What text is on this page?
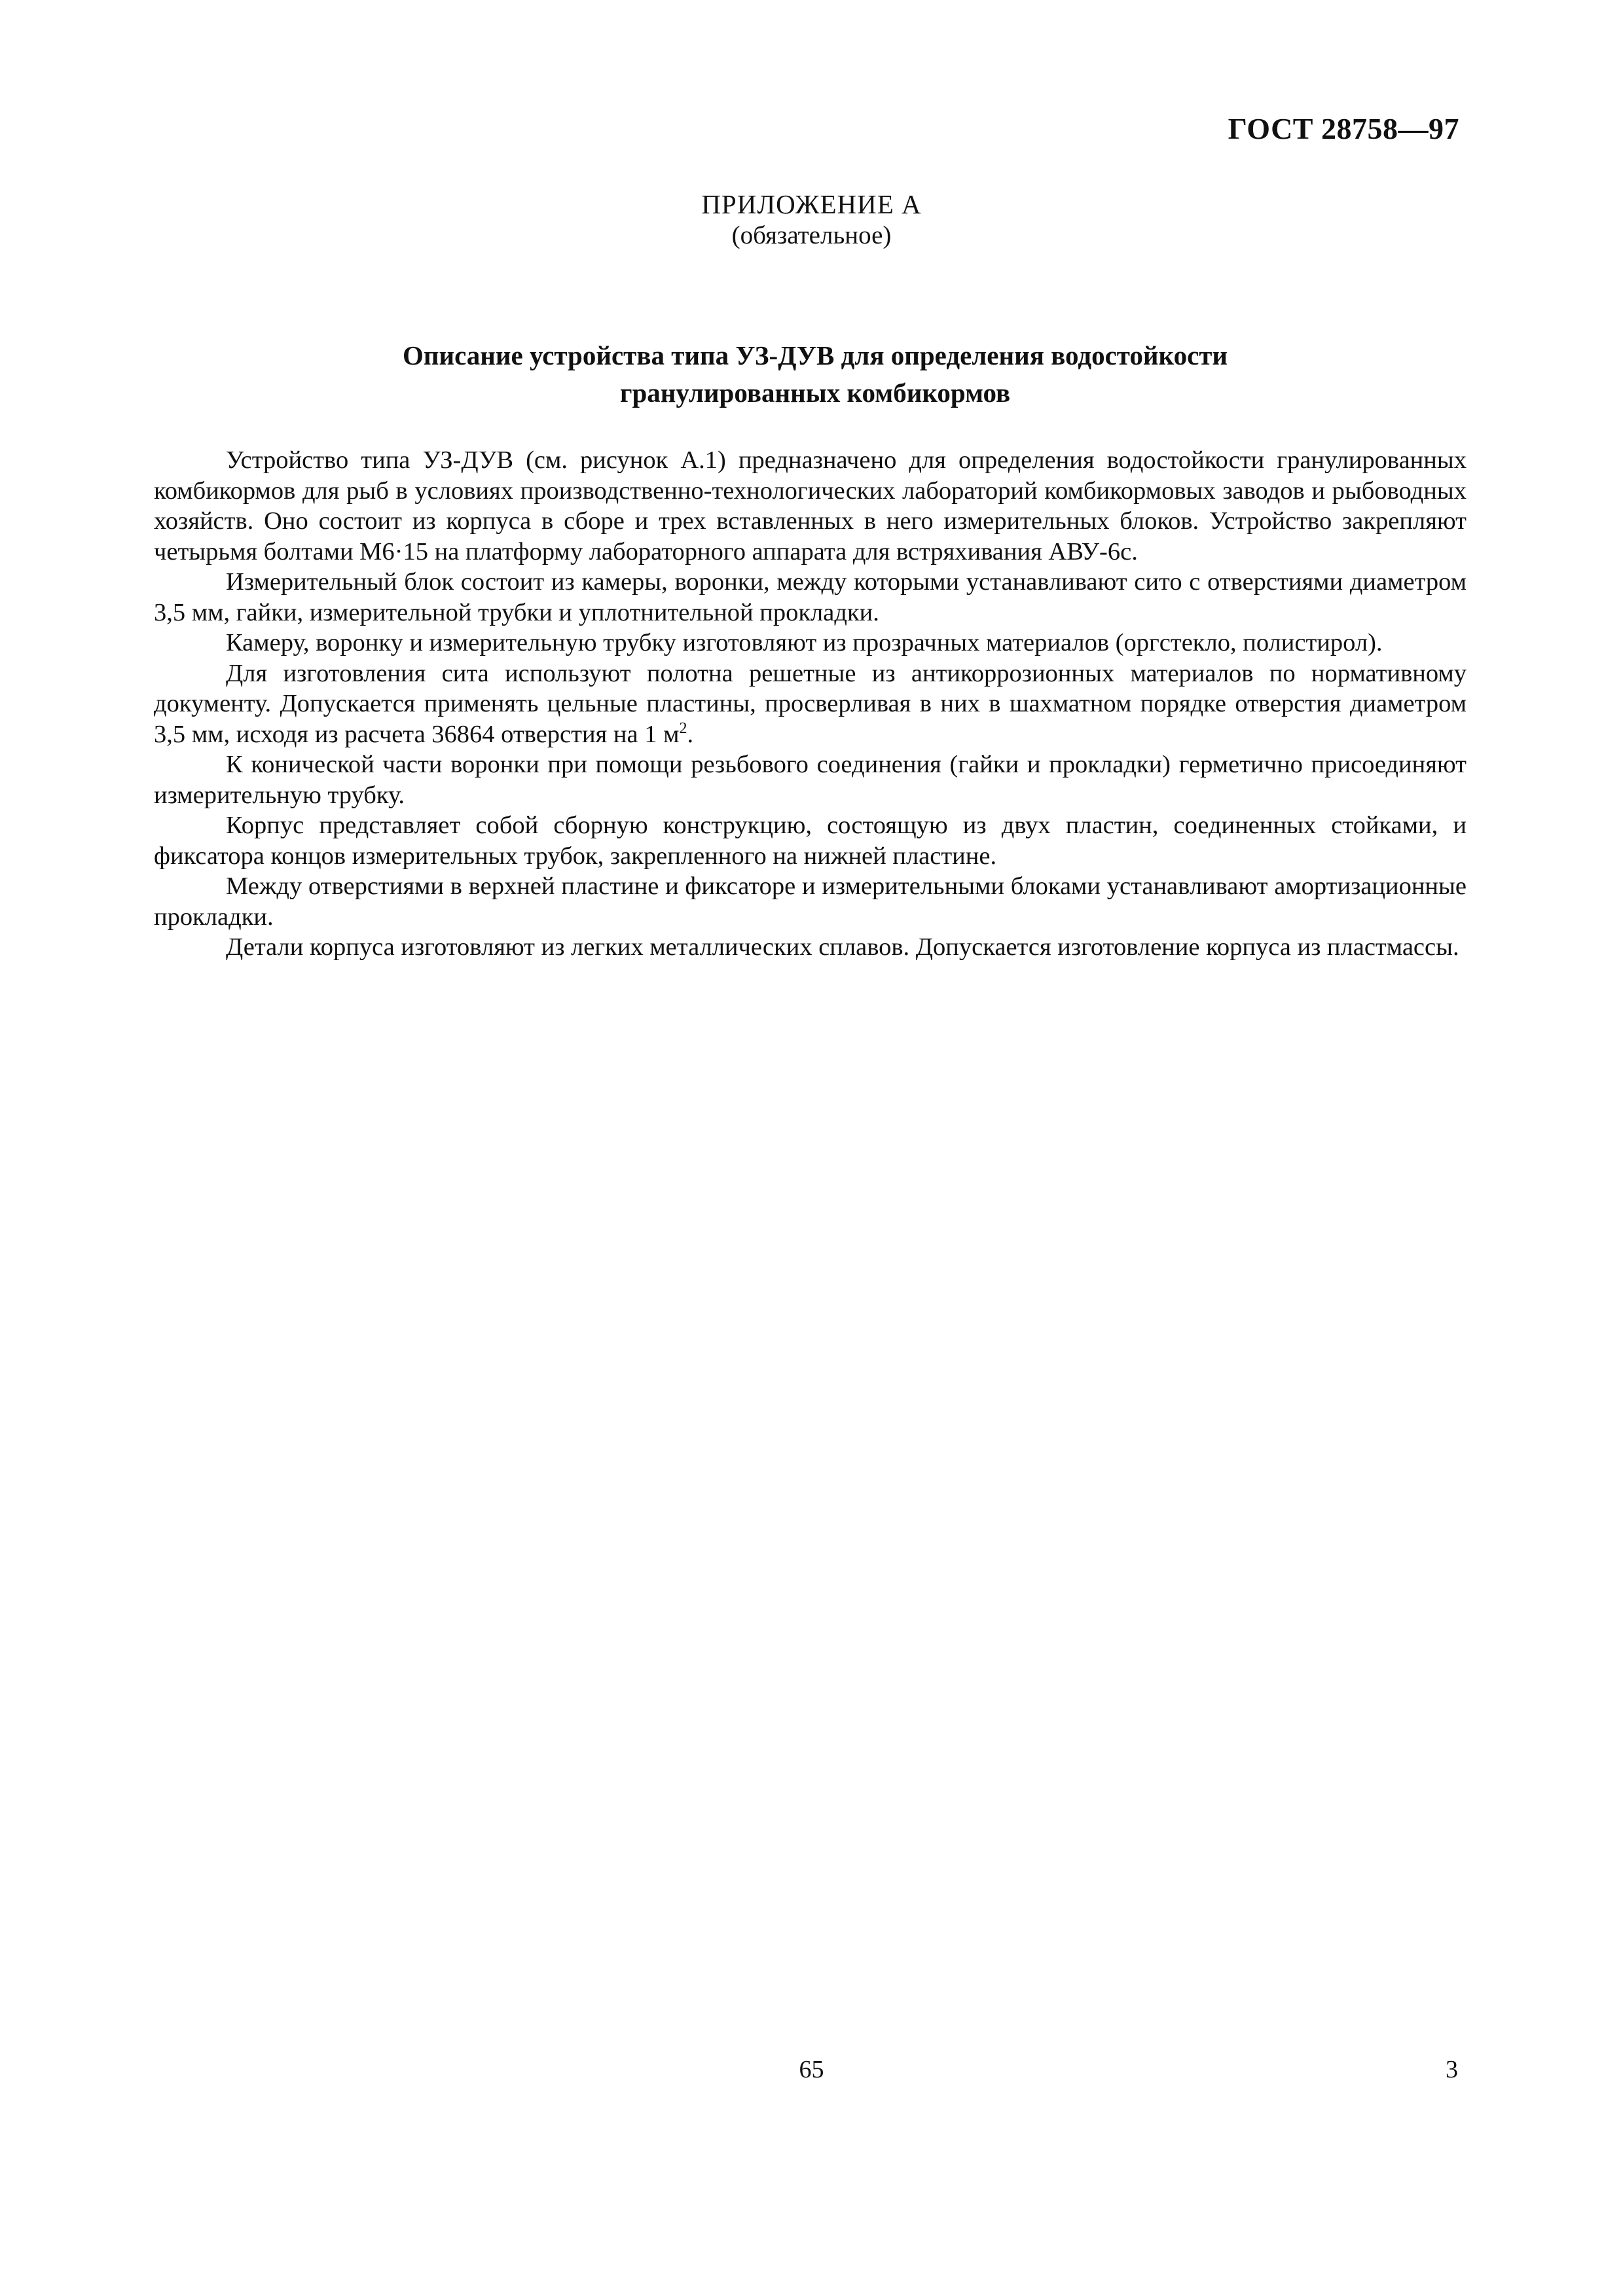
ГОСТ 28758—97
ПРИЛОЖЕНИЕ А
(обязательное)
Описание устройства типа УЗ-ДУВ для определения водостойкости
гранулированных комбикормов

Устройство типа УЗ-ДУВ (см. рисунок А.1) предназначено для определения водостойкости гранулированных комбикормов для рыб в условиях производственно-технологических лабораторий комбикормовых заводов и рыбоводных хозяйств. Оно состоит из корпуса в сборе и трех вставленных в него измерительных блоков. Устройство закрепляют четырьмя болтами М6·15 на платформу лабораторного аппарата для встряхивания АВУ-6с.

Измерительный блок состоит из камеры, воронки, между которыми устанавливают сито с отверстиями диаметром 3,5 мм, гайки, измерительной трубки и уплотнительной прокладки.

Камеру, воронку и измерительную трубку изготовляют из прозрачных материалов (оргстекло, полистирол).

Для изготовления сита используют полотна решетные из антикоррозионных материалов по нормативному документу. Допускается применять цельные пластины, просверливая в них в шахматном порядке отверстия диаметром 3,5 мм, исходя из расчета 36864 отверстия на 1 $м^2$.

К конической части воронки при помощи резьбового соединения (гайки и прокладки) герметично присоединяют измерительную трубку.

Корпус представляет собой сборную конструкцию, состоящую из двух пластин, соединенных стойками, и фиксатора концов измерительных трубок, закрепленного на нижней пластине.

Между отверстиями в верхней пластине и фиксаторе и измерительными блоками устанавливают амортизационные прокладки.

Детали корпуса изготовляют из легких металлических сплавов. Допускается изготовление корпуса из пластмассы.

65	3
